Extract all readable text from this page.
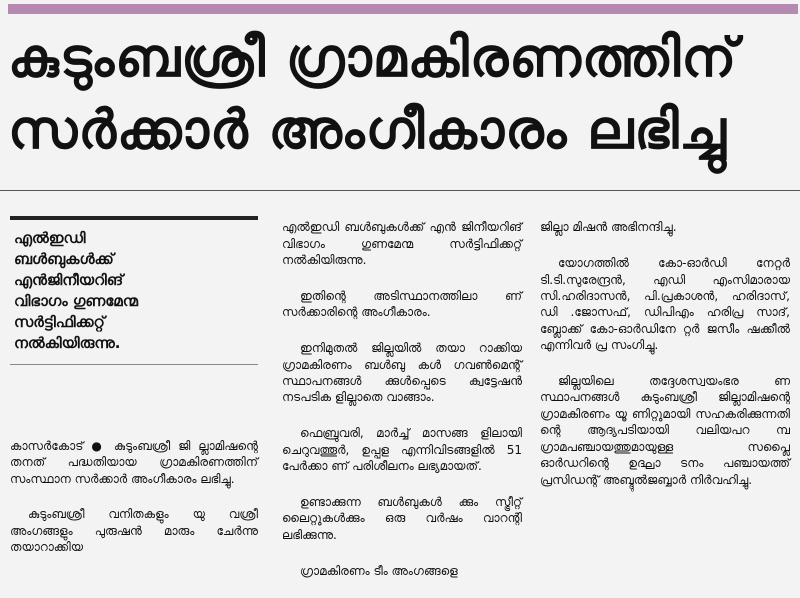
കുടുംബശ്രീ ഗ്രാമകിരണത്തിന്
സർക്കാർ അംഗീകാരം ലഭിച്ചു

എൽഇഡി
ബൾബുകൾക്ക്
എൻജിനീയറിങ്
വിഭാഗം ഗുണമേന്മ
സർട്ടിഫിക്കറ്റ്
നൽകിയിരുന്നു.

കാസർകോട് ● കുടുംബശ്രീ ജി ല്ലാമിഷന്റെ തനത് പദ്ധതിയായ ഗ്രാമകിരണത്തിന് സംസ്ഥാന സർക്കാർ അംഗീകാരം ലഭിച്ചു.

കുടുംബശ്രീ വനിതകളും യു വശ്രീ അംഗങ്ങളും പുരുഷൻ മാരും ചേർന്നു തയാറാക്കിയ

എൽഇഡി ബൾബുകൾക്ക് എൻ ജിനീയറിങ് വിഭാഗം ഗുണമേന്മ സർട്ടിഫിക്കറ്റ് നൽകിയിരുന്നു.

ഇതിന്റെ അടിസ്ഥാനത്തിലാ ണ് സർക്കാരിന്റെ അംഗീകാരം.

ഇനിമുതൽ ജില്ലയിൽ തയാ റാക്കിയ ഗ്രാമകിരണം ബൾബു കൾ ഗവൺമെന്റ് സ്ഥാപനങ്ങൾ ക്കുൾപ്പെടെ ക്വട്ടേഷൻ നടപടിക ളില്ലാതെ വാങ്ങാം.

ഫെബ്രുവരി, മാർച്ച് മാസങ്ങ ളിലായി ചെറുവത്തൂർ, ഉപ്പള എന്നിവിടങ്ങളിൽ 51 പേർക്കാ ണ് പരിശീലനം ലഭ്യമായത്.

ഉണ്ടാക്കുന്ന ബൾബുകൾ ക്കും സ്ട്രീറ്റ് ലൈറ്റുകൾക്കും ഒരു വർഷം വാറന്റി ലഭിക്കുന്നു.

ഗ്രാമകിരണം ടീം അംഗങ്ങളെ

ജില്ലാ മിഷൻ അഭിനന്ദിച്ചു.

യോഗത്തിൽ കോ-ഓർഡി നേറ്റർ ടി.ടി.സുരേന്ദ്രൻ, എഡി എംസിമാരായ സി.ഹരിദാസൻ, പി.പ്രകാശൻ, ഹരിദാസ്, ഡി .ജോസഫ്, ഡിപിഎം ഹരിപ്ര സാദ്, ബ്ലോക്ക് കോ-ഓർഡിനേ റ്റർ ജസീം ഷക്കീൽ എന്നിവർ പ്ര സംഗിച്ചു.

ജില്ലയിലെ തദ്ദേശസ്വയംഭര ണ സ്ഥാപനങ്ങൾ കുടുംബശ്രീ ജില്ലാമിഷന്റെ ഗ്രാമകിരണം യൂ ണിറ്റുമായി സഹകരിക്കുന്നതി ന്റെ ആദ്യപടിയായി വലിയപറ മ്പ ഗ്രാമപഞ്ചായത്തുമായുള്ള സപ്ലൈ ഓർഡറിന്റെ ഉദ്ഘാ ടനം പഞ്ചായത്ത് പ്രസിഡന്റ് അബ്ദുൽജബ്ബാർ നിർവഹിച്ചു.
